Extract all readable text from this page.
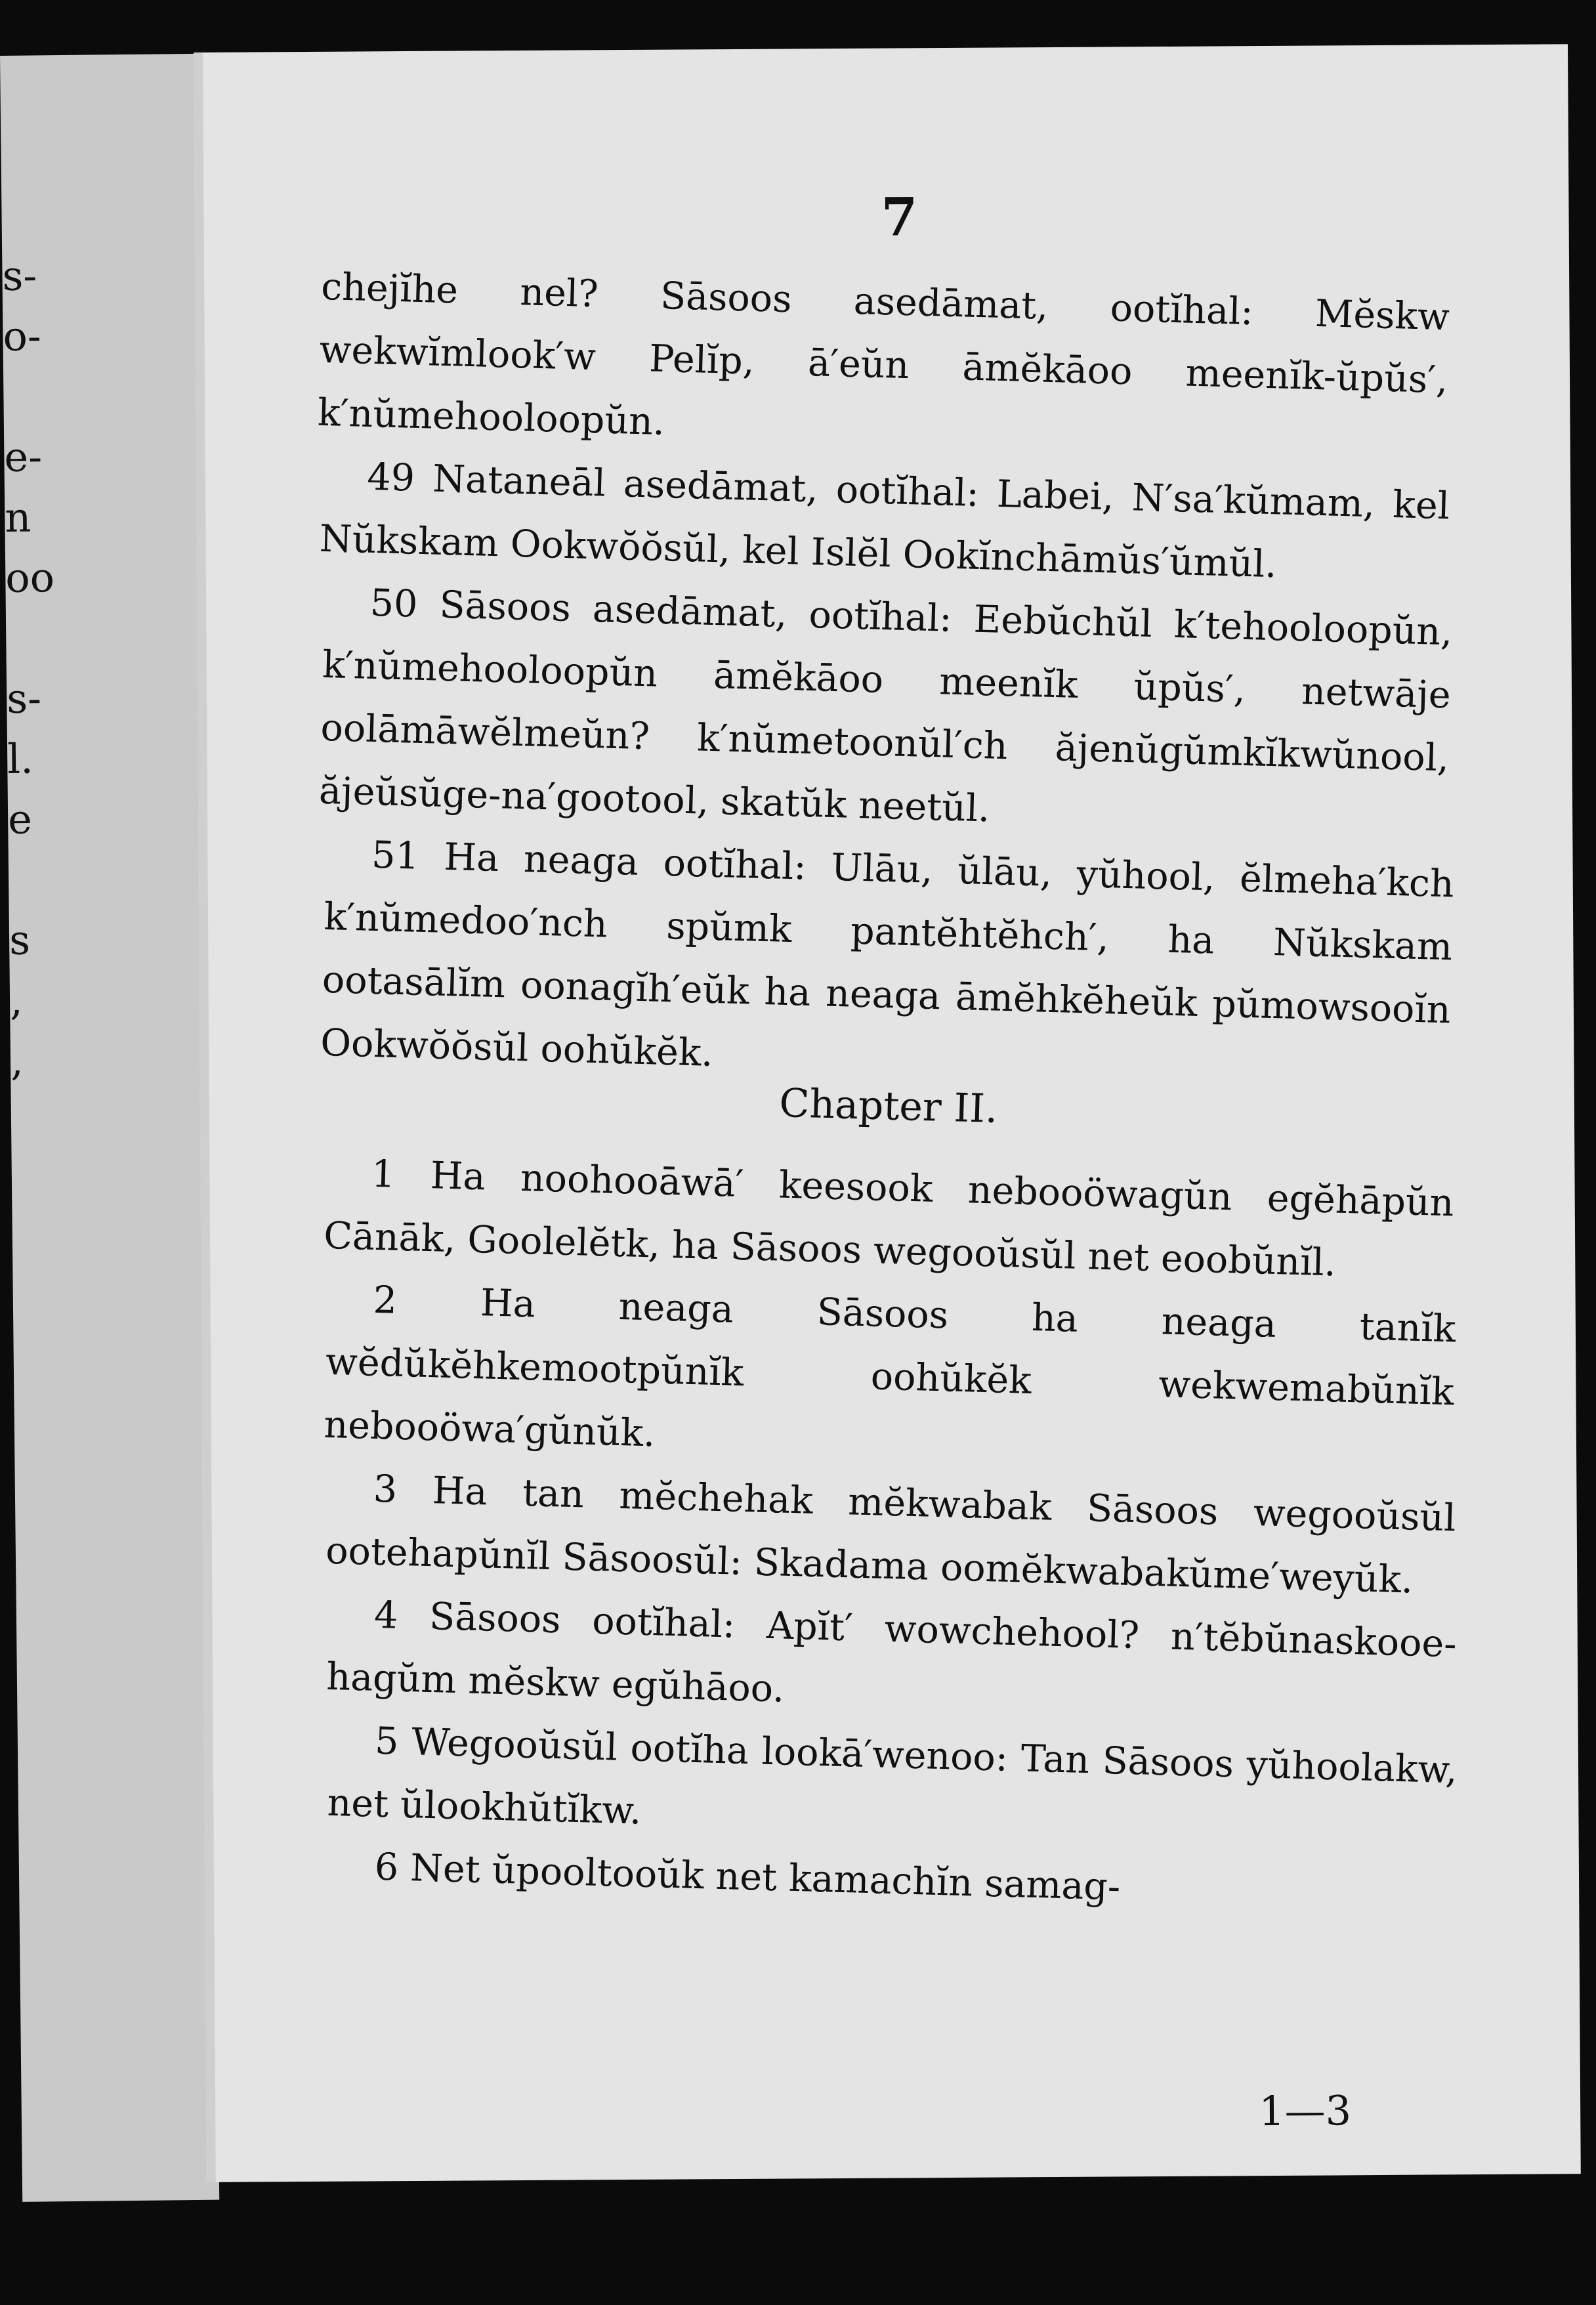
s-
o-

e-
n
oo

s-
l.
e

s
,
,
7

chejĭhe nel? Sāsoos asedāmat, ootĭhal: Mĕskw wekwĭmlook′w Pelĭp, ā′eŭn āmĕkāoo meenĭk-ŭpŭs′, k′nŭmehooloopŭn.

49 Nataneāl asedāmat, ootĭhal: Labei, N′sa′kŭmam, kel Nŭkskam Ookwŏŏsŭl, kel Islĕl Ookĭnchāmŭs′ŭmŭl.

50 Sāsoos asedāmat, ootĭhal: Eebŭchŭl k′tehooloopŭn, k′nŭmehooloopŭn āmĕkāoo meenĭk ŭpŭs′, netwāje oolāmāwĕlmeŭn? k′nŭmetoonŭl′ch ăjenŭgŭmkĭkwŭnool, ăjeŭsŭge-na′gootool, skatŭk neetŭl.

51 Ha neaga ootĭhal: Ulāu, ŭlāu, yŭhool, ĕlmeha′kch k′nŭmedoo′nch spŭmk pantĕhtĕhch′, ha Nŭkskam ootasālĭm oonagĭh′eŭk ha neaga āmĕhkĕheŭk pŭmowsooĭn Ookwŏŏsŭl oohŭkĕk.

Chapter II.

1 Ha noohooāwā′ keesook nebooöwagŭn egĕhāpŭn Cānāk, Goolelĕtk, ha Sāsoos wegooŭsŭl net eoobŭnĭl.

2 Ha neaga Sāsoos ha neaga tanĭk wĕdŭkĕhkemootpŭnĭk oohŭkĕk wekwemabŭnĭk nebooöwa′gŭnŭk.

3 Ha tan mĕchehak mĕkwabak Sāsoos wegooŭsŭl ootehapŭnĭl Sāsoosŭl: Skadama oomĕkwabakŭme′weyŭk.

4 Sāsoos ootĭhal: Apĭt′ wowchehool? n′tĕbŭnaskooe-hagŭm mĕskw egŭhāoo.

5 Wegooŭsŭl ootĭha lookā′wenoo: Tan Sāsoos yŭhoolakw, net ŭlookhŭtĭkw.

6 Net ŭpooltooŭk net kamachĭn samag-

1—3
